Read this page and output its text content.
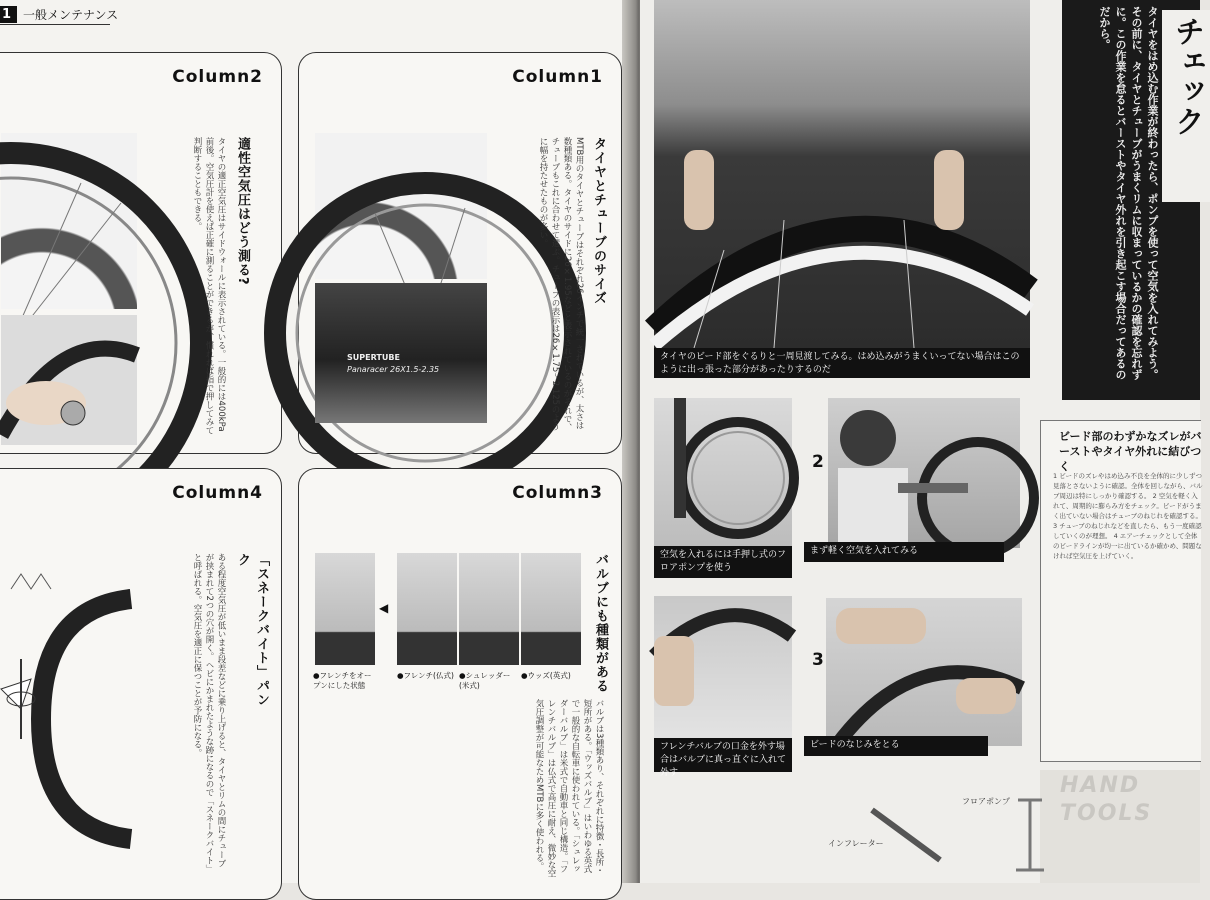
1	一般メンテナンス
Column2
適性空気圧はどう測る?
タイヤの適正空気圧はサイドウォールに表示されている。一般的には400kPa前後。空気圧計を使えば正確に測ることができるが、慣れれば指で押してみて判断することもできる。
Column1
SUPERTUBE
Panaracer 26X1.5-2.35
タイヤとチューブのサイズ
MTB用のタイヤとチューブはそれぞれ26インチで統一されているが、太さは数種類ある。タイヤのサイドに26×1.95などと表示されているのがそれで、チューブもこれに合わせて選ぶ。チューブの表示は26×1.75〜2.125のように幅を持たせたものが多い。
Column4
「スネークバイト」パンク
ある程度空気圧が低いまま段差などに乗り上げると、タイヤとリムの間にチューブが挟まれて2つの穴が開く。ヘビにかまれたような跡になるので「スネークバイト」と呼ばれる。空気圧を適正に保つことが予防になる。
Column3
◀
●フレンチをオープンにした状態
●フレンチ(仏式) ●シュレッダー(米式)
●ウッズ(英式)	バルブにも種類がある
バルブは3種類あり、それぞれに特徴・長所・短所がある。「ウッズバルブ」はいわゆる英式で一般的な自転車に使われている。「シュレッダーバルブ」は米式で自動車と同じ構造。「フレンチバルブ」は仏式で高圧に耐え、微妙な空気圧調整が可能なためMTBに多く使われる。
タイヤのビード部をぐるりと一周見渡してみる。はめ込みがうまくいってない場合はこのように出っ張った部分があったりするのだ
空気を入れるには手押し式のフロアポンプを使う
2
まず軽く空気を入れてみる
フレンチバルブの口金を外す場合はバルブに真っ直ぐに入れて外す
3
ビードのなじみをとる
タイヤをはめ込む作業が終わったら、ポンプを使って空気を入れてみよう。その前に、タイヤとチューブがうまくリムに収まっているかの確認を忘れずに。この作業を怠るとバーストやタイヤ外れを引き起こす場合だってあるのだから。	チェック
ビード部のわずかなズレがバーストやタイヤ外れに結びつく
1 ビードのズレやはめ込み不良を全体的に少しずつ見落とさないように確認。全体を回しながら、バルブ周辺は特にしっかり確認する。 2 空気を軽く入れて、周期的に膨らみ方をチェック。ビードがうまく出ていない場合はチューブのねじれを確認する。3 チューブのねじれなどを直したら、もう一度確認していくのが理想。 4 エアーチェックとして全体のビードラインが均一に出ているか確かめ、問題なければ空気圧を上げていく。
HAND TOOLS
インフレーター
フロアポンプ
